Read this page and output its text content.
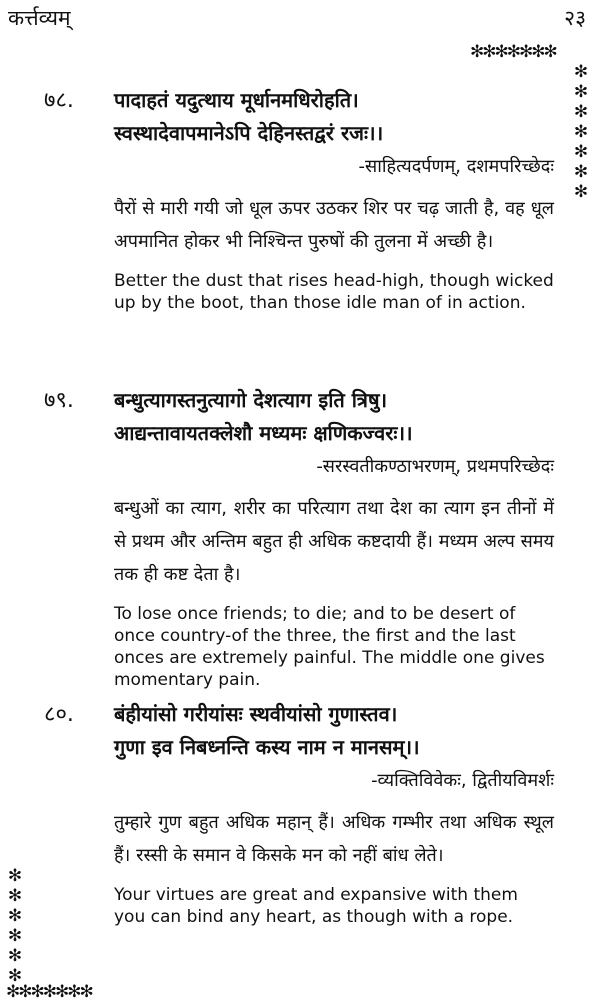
कर्त्तव्यम्	२३
✻✻✻✻✻✻✻
✻
✻
✻
✻
✻
✻
✻
✻
✻
✻
✻
✻
✻
✻✻✻✻✻✻✻
७८. पादाहतं यदुत्थाय मूर्धानमधिरोहति।
स्वस्थादेवापमानेऽपि देहिनस्तद्वरं रजः।।
-साहित्यदर्पणम्, दशमपरिच्छेदः
पैरों से मारी गयी जो धूल ऊपर उठकर शिर पर चढ़ जाती है, वह धूल अपमानित होकर भी निश्चिन्त पुरुषों की तुलना में अच्छी है।
Better the dust that rises head-high, though wicked up by the boot, than those idle man of in action.
७९. बन्धुत्यागस्तनुत्यागो देशत्याग इति त्रिषु।
आद्यन्तावायतक्लेशौ मध्यमः क्षणिकज्वरः।।
-सरस्वतीकण्ठाभरणम्, प्रथमपरिच्छेदः
बन्धुओं का त्याग, शरीर का परित्याग तथा देश का त्याग इन तीनों में से प्रथम और अन्तिम बहुत ही अधिक कष्टदायी हैं। मध्यम अल्प समय तक ही कष्ट देता है।
To lose once friends; to die; and to be desert of once country-of the three, the first and the last onces are extremely painful. The middle one gives momentary pain.
८०. बंहीयांसो गरीयांसः स्थवीयांसो गुणास्तव।
गुणा इव निबध्नन्ति कस्य नाम न मानसम्।।
-व्यक्तिविवेकः, द्वितीयविमर्शः
तुम्हारे गुण बहुत अधिक महान् हैं। अधिक गम्भीर तथा अधिक स्थूल हैं। रस्सी के समान वे किसके मन को नहीं बांध लेते।
Your virtues are great and expansive with them you can bind any heart, as though with a rope.
